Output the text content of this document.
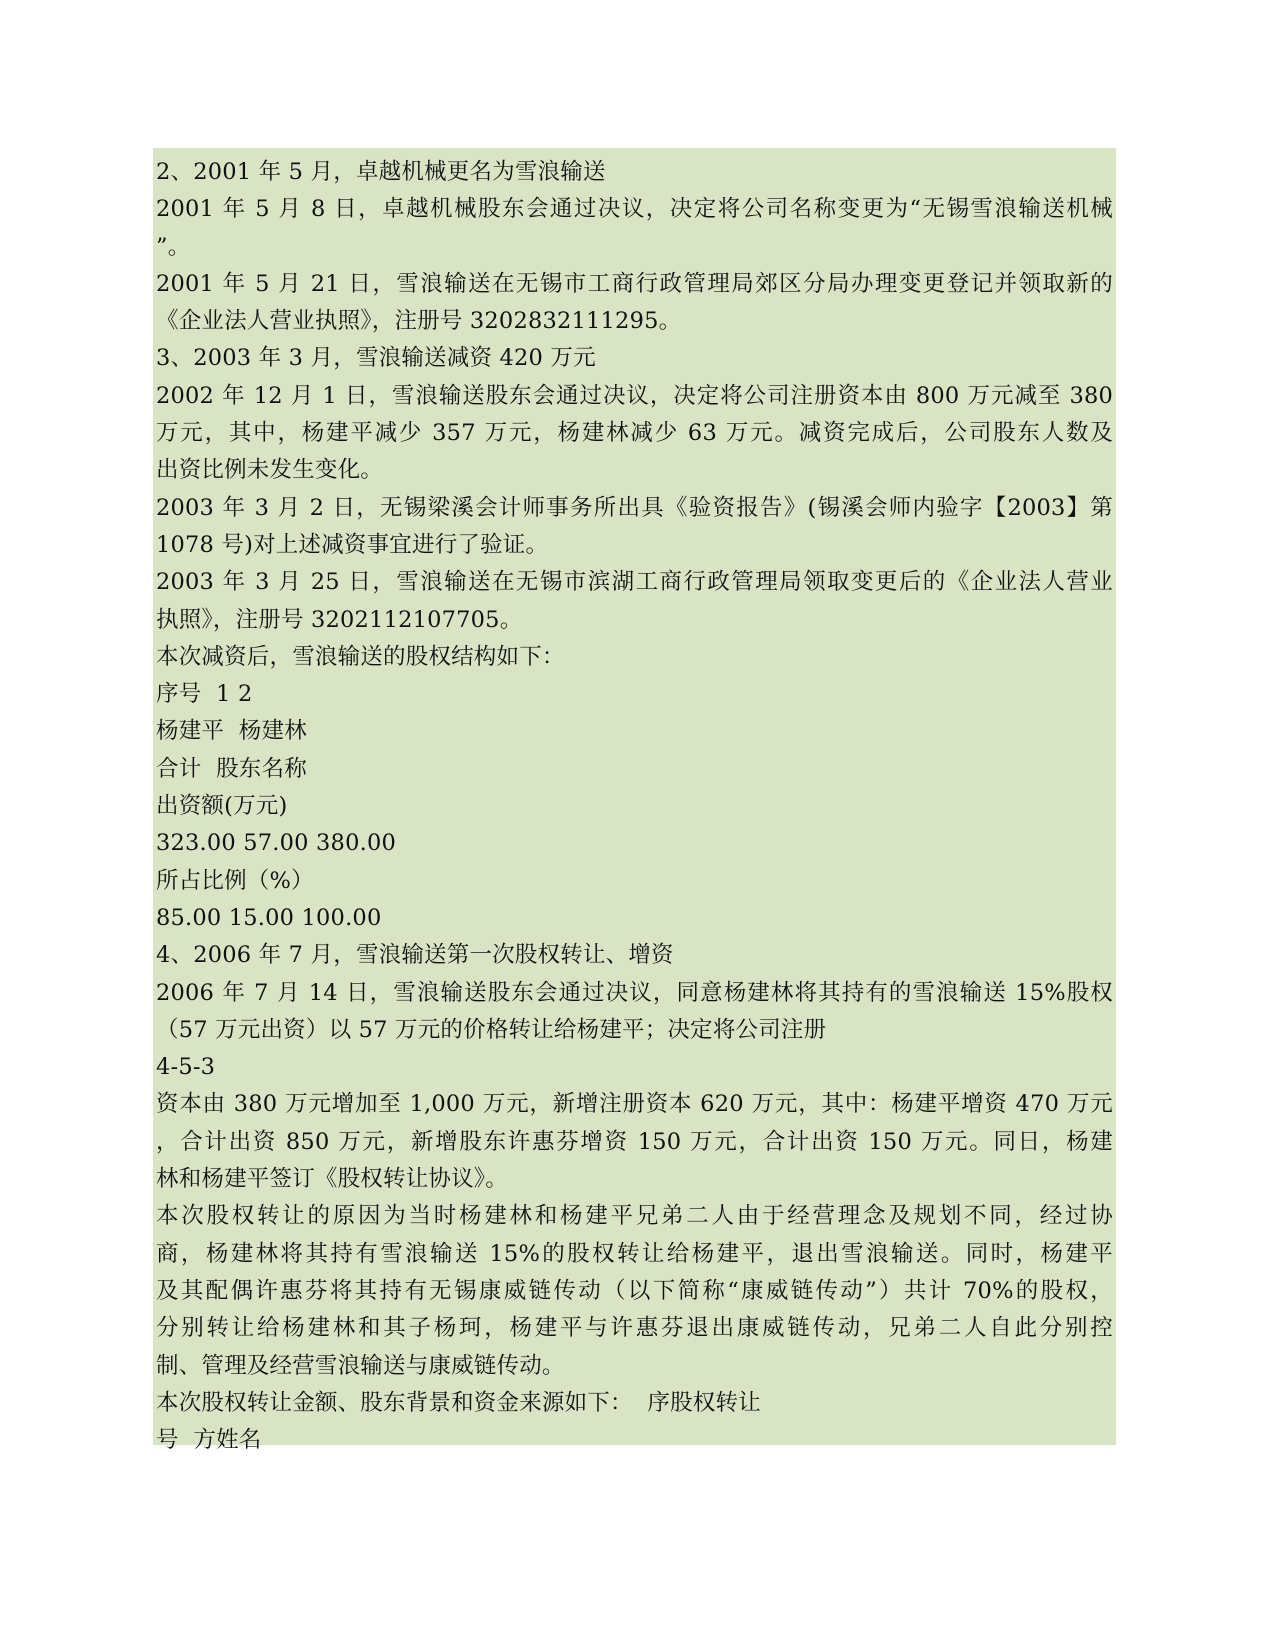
2、2001 年 5 月，卓越机械更名为雪浪输送
2001 年 5 月 8 日，卓越机械股东会通过决议，决定将公司名称变更为“无锡雪浪输送机械
”。
2001 年 5 月 21 日，雪浪输送在无锡市工商行政管理局郊区分局办理变更登记并领取新的
《企业法人营业执照》，注册号 3202832111295。
3、2003 年 3 月，雪浪输送减资 420 万元
2002 年 12 月 1 日，雪浪输送股东会通过决议，决定将公司注册资本由 800 万元减至 380
万元，其中，杨建平减少 357 万元，杨建林减少 63 万元。减资完成后，公司股东人数及
出资比例未发生变化。
2003 年 3 月 2 日，无锡梁溪会计师事务所出具《验资报告》(锡溪会师内验字【2003】第
1078 号)对上述减资事宜进行了验证。
2003 年 3 月 25 日，雪浪输送在无锡市滨湖工商行政管理局领取变更后的《企业法人营业
执照》，注册号 3202112107705。
本次减资后，雪浪输送的股权结构如下：
序号  1 2
杨建平  杨建林
合计  股东名称
出资额(万元)
323.00 57.00 380.00
所占比例（%）
85.00 15.00 100.00
4、2006 年 7 月，雪浪输送第一次股权转让、增资
2006 年 7 月 14 日，雪浪输送股东会通过决议，同意杨建林将其持有的雪浪输送 15%股权
（57 万元出资）以 57 万元的价格转让给杨建平；决定将公司注册
4-5-3
资本由 380 万元增加至 1,000 万元，新增注册资本 620 万元，其中：杨建平增资 470 万元
，合计出资 850 万元，新增股东许惠芬增资 150 万元，合计出资 150 万元。同日，杨建
林和杨建平签订《股权转让协议》。
本次股权转让的原因为当时杨建林和杨建平兄弟二人由于经营理念及规划不同，经过协
商，杨建林将其持有雪浪输送 15%的股权转让给杨建平，退出雪浪输送。同时，杨建平
及其配偶许惠芬将其持有无锡康威链传动（以下简称“康威链传动”）共计 70%的股权，
分别转让给杨建林和其子杨珂，杨建平与许惠芬退出康威链传动，兄弟二人自此分别控
制、管理及经营雪浪输送与康威链传动。
本次股权转让金额、股东背景和资金来源如下：  序股权转让
号  方姓名
